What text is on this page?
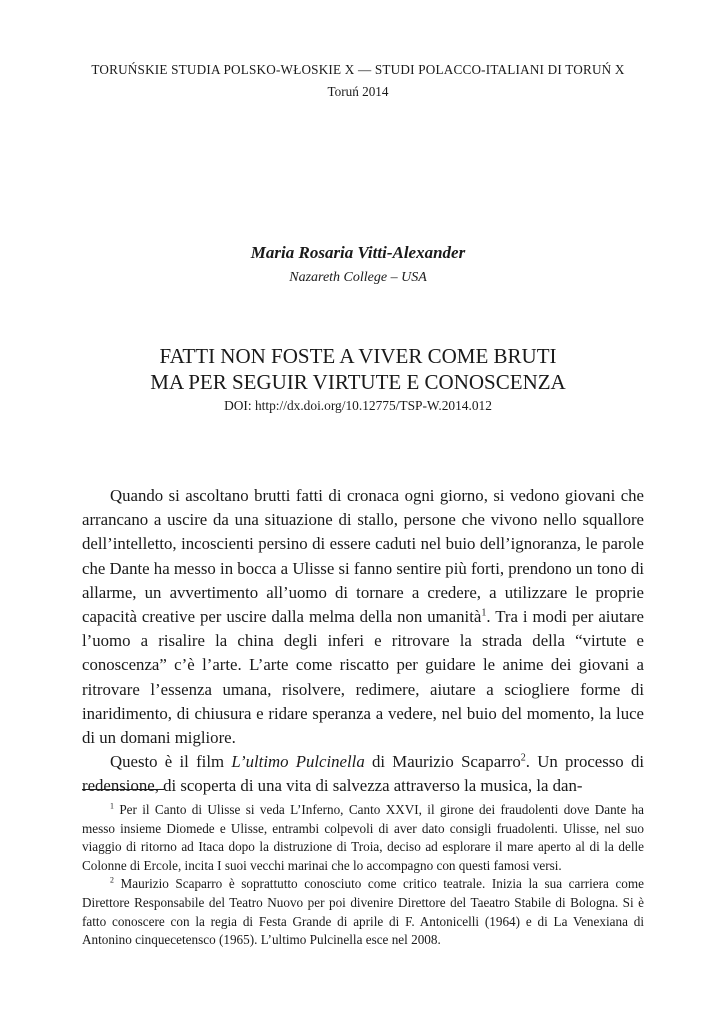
TORUŃSKIE STUDIA POLSKO-WŁOSKIE X — STUDI POLACCO-ITALIANI DI TORUŃ X
Toruń 2014
Maria Rosaria Vitti-Alexander
Nazareth College – USA
FATTI NON FOSTE A VIVER COME BRUTI
MA PER SEGUIR VIRTUTE E CONOSCENZA
DOI: http://dx.doi.org/10.12775/TSP-W.2014.012

Quando si ascoltano brutti fatti di cronaca ogni giorno, si vedono giovani che arrancano a uscire da una situazione di stallo, persone che vivono nello squallore dell’intelletto, incoscienti persino di essere caduti nel buio dell’ignoranza, le parole che Dante ha messo in bocca a Ulisse si fanno sentire più forti, prendono un tono di allarme, un avvertimento all’uomo di tornare a credere, a utilizzare le proprie capacità creative per uscire dalla melma della non umanità$^1$. Tra i modi per aiutare l’uomo a risalire la china degli inferi e ritrovare la strada della “virtute e conoscenza” c’è l’arte. L’arte come riscatto per guidare le anime dei giovani a ritrovare l’essenza umana, risolvere, redimere, aiutare a sciogliere forme di inaridimento, di chiusura e ridare speranza a vedere, nel buio del momento, la luce di un domani migliore.

Questo è il film L’ultimo Pulcinella di Maurizio Scaparro$^2$. Un processo di redensione, di scoperta di una vita di salvezza attraverso la musica, la dan-

$^1$ Per il Canto di Ulisse si veda L’Inferno, Canto XXVI, il girone dei fraudolenti dove Dante ha messo insieme Diomede e Ulisse, entrambi colpevoli di aver dato consigli fruadolenti. Ulisse, nel suo viaggio di ritorno ad Itaca dopo la distruzione di Troia, deciso ad esplorare il mare aperto al di la delle Colonne di Ercole, incita I suoi vecchi marinai che lo accompagno con questi famosi versi.

$^2$ Maurizio Scaparro è soprattutto conosciuto come critico teatrale. Inizia la sua carriera come Direttore Responsabile del Teatro Nuovo per poi divenire Direttore del Taeatro Stabile di Bologna. Si è fatto conoscere con la regia di Festa Grande di aprile di F. Antonicelli (1964) e di La Venexiana di Antonino cinquecetensco (1965). L’ultimo Pulcinella esce nel 2008.
